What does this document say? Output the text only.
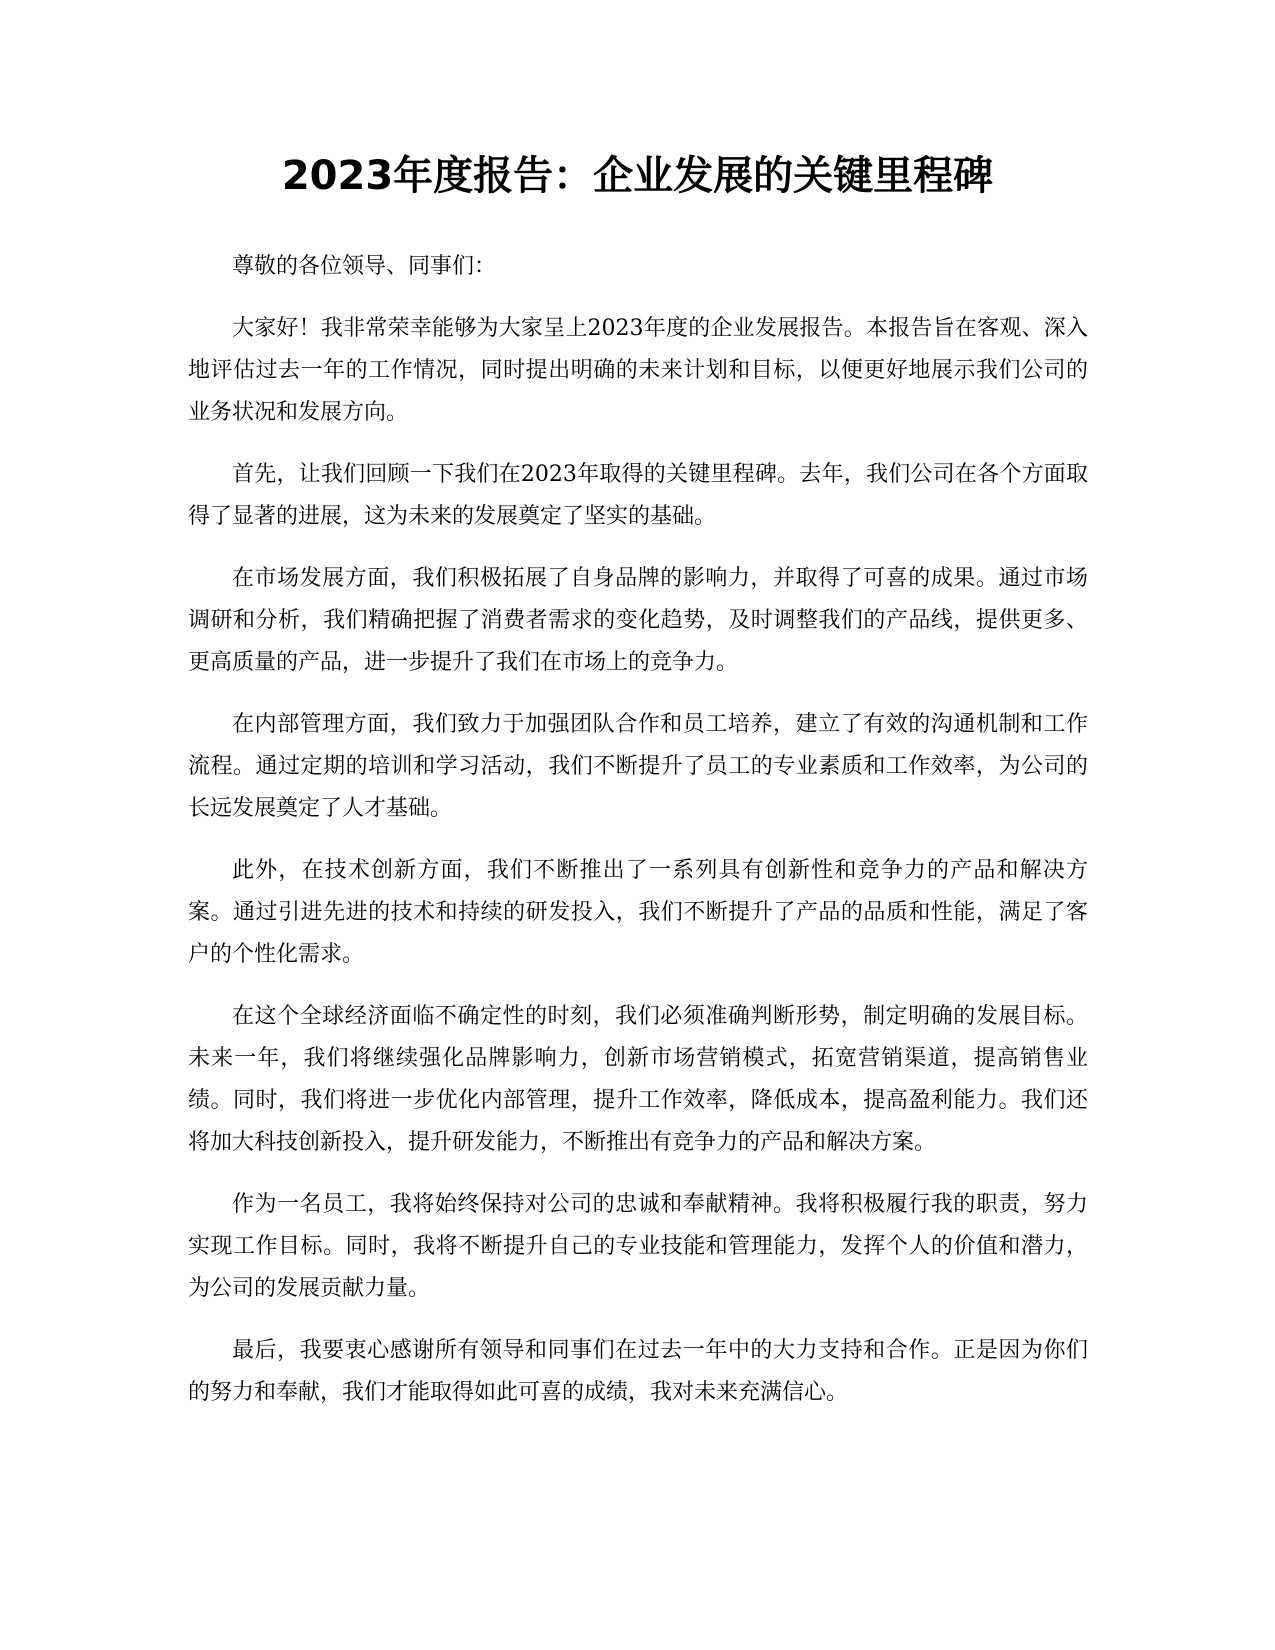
2023年度报告：企业发展的关键里程碑

尊敬的各位领导、同事们：

大家好！我非常荣幸能够为大家呈上2023年度的企业发展报告。本报告旨在客观、深入地评估过去一年的工作情况，同时提出明确的未来计划和目标，以便更好地展示我们公司的业务状况和发展方向。

首先，让我们回顾一下我们在2023年取得的关键里程碑。去年，我们公司在各个方面取得了显著的进展，这为未来的发展奠定了坚实的基础。

在市场发展方面，我们积极拓展了自身品牌的影响力，并取得了可喜的成果。通过市场调研和分析，我们精确把握了消费者需求的变化趋势，及时调整我们的产品线，提供更多、更高质量的产品，进一步提升了我们在市场上的竞争力。

在内部管理方面，我们致力于加强团队合作和员工培养，建立了有效的沟通机制和工作流程。通过定期的培训和学习活动，我们不断提升了员工的专业素质和工作效率，为公司的长远发展奠定了人才基础。

此外，在技术创新方面，我们不断推出了一系列具有创新性和竞争力的产品和解决方案。通过引进先进的技术和持续的研发投入，我们不断提升了产品的品质和性能，满足了客户的个性化需求。

在这个全球经济面临不确定性的时刻，我们必须准确判断形势，制定明确的发展目标。未来一年，我们将继续强化品牌影响力，创新市场营销模式，拓宽营销渠道，提高销售业绩。同时，我们将进一步优化内部管理，提升工作效率，降低成本，提高盈利能力。我们还将加大科技创新投入，提升研发能力，不断推出有竞争力的产品和解决方案。

作为一名员工，我将始终保持对公司的忠诚和奉献精神。我将积极履行我的职责，努力实现工作目标。同时，我将不断提升自己的专业技能和管理能力，发挥个人的价值和潜力，为公司的发展贡献力量。

最后，我要衷心感谢所有领导和同事们在过去一年中的大力支持和合作。正是因为你们的努力和奉献，我们才能取得如此可喜的成绩，我对未来充满信心。
